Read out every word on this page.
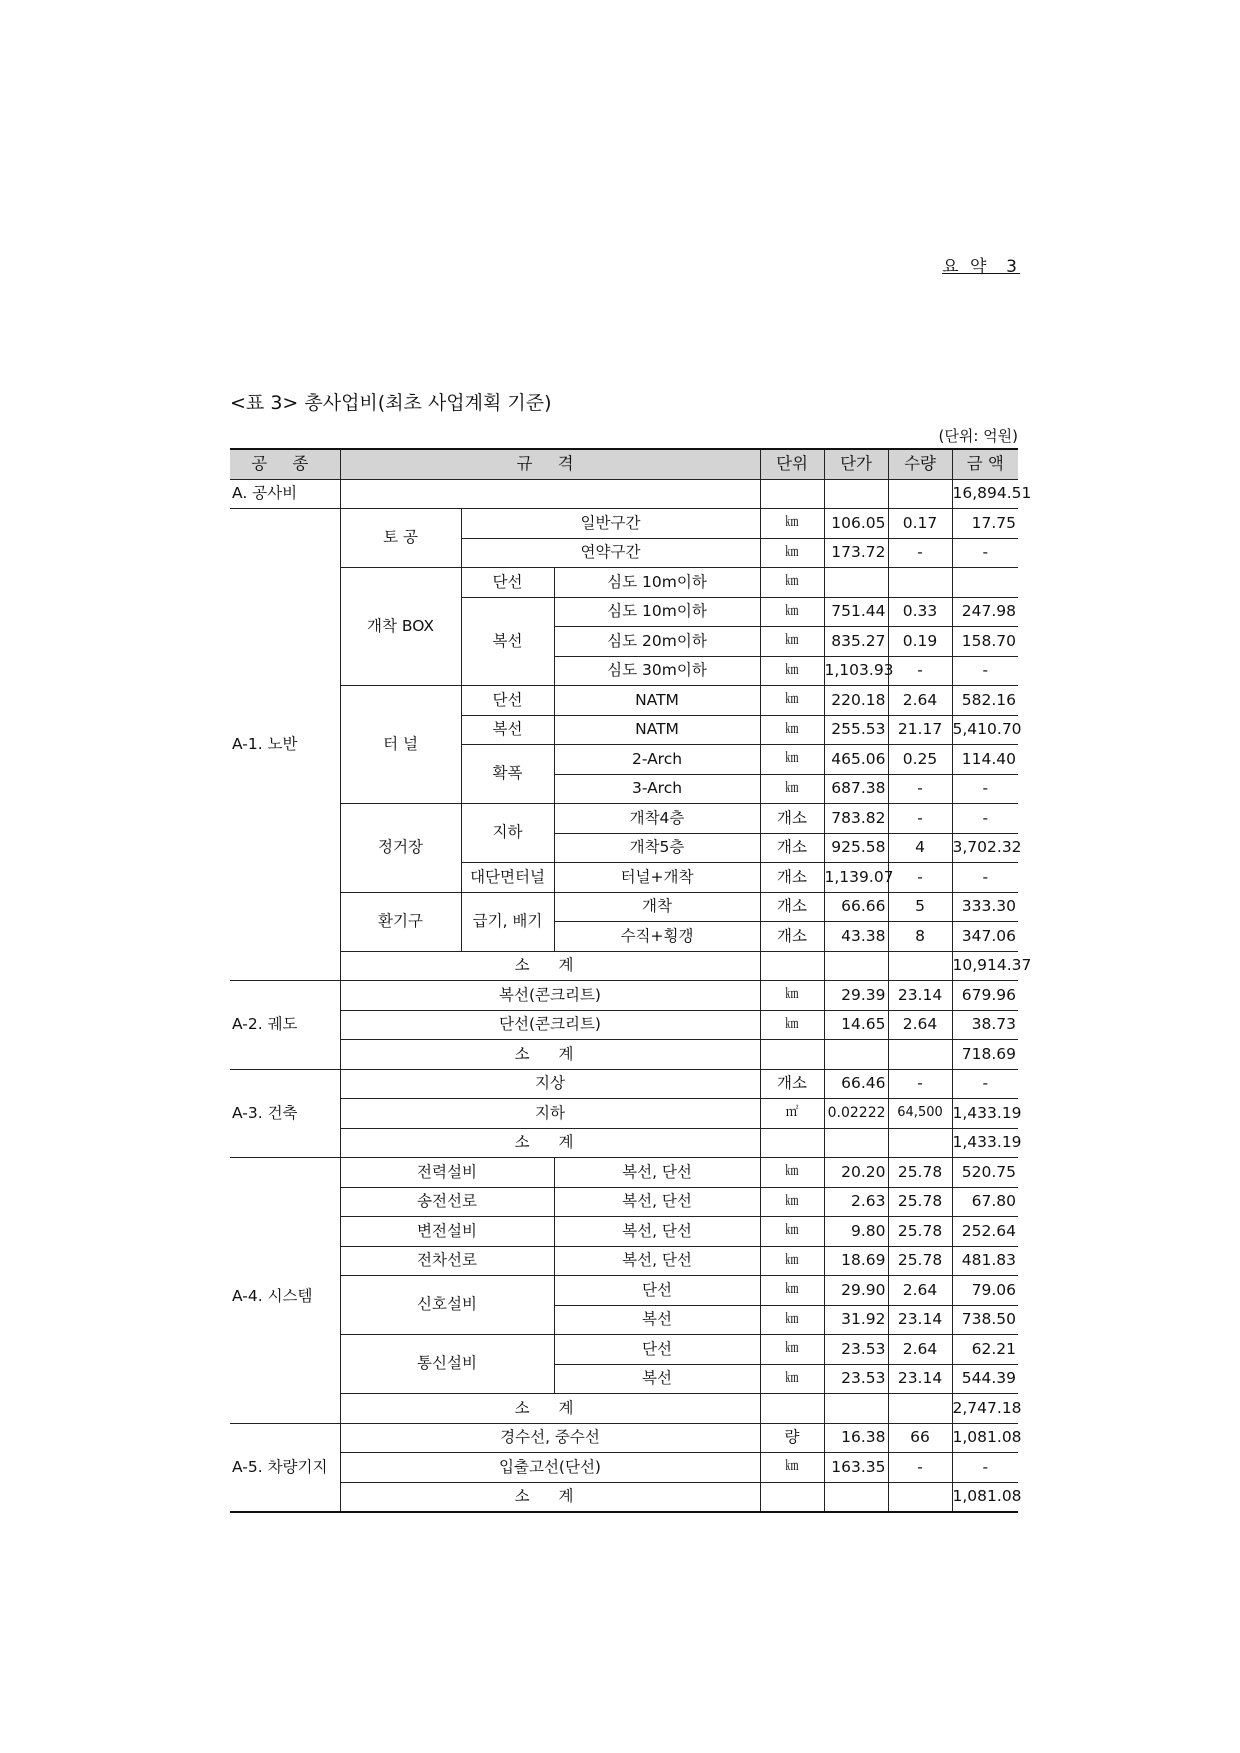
요 약  3
<표 3> 총사업비(최초 사업계획 기준)
(단위: 억원)
공 종	규 격			단위	단가	수량	금 액
A. 공사비							16,894.51
A-1. 노반	토 공	일반구간		㎞	106.05	0.17	17.75
		연약구간		㎞	173.72	-	-
	개착 BOX	단선	심도 10m이하	㎞			
		복선	심도 10m이하	㎞	751.44	0.33	247.98
			심도 20m이하	㎞	835.27	0.19	158.70
			심도 30m이하	㎞	1,103.93	-	-
	터 널	단선	NATM	㎞	220.18	2.64	582.16
		복선	NATM	㎞	255.53	21.17	5,410.70
		확폭	2-Arch	㎞	465.06	0.25	114.40
			3-Arch	㎞	687.38	-	-
	정거장	지하	개착4층	개소	783.82	-	-
			개착5층	개소	925.58	4	3,702.32
		대단면터널	터널+개착	개소	1,139.07	-	-
	환기구	급기, 배기	개착	개소	66.66	5	333.30
			수직+횡갱	개소	43.38	8	347.06
	소 계						10,914.37
A-2. 궤도	복선(콘크리트)			㎞	29.39	23.14	679.96
	단선(콘크리트)			㎞	14.65	2.64	38.73
	소 계						718.69
A-3. 건축	지상			개소	66.46	-	-
	지하			㎡	0.02222	64,500	1,433.19
	소 계						1,433.19
A-4. 시스템	전력설비		복선, 단선	㎞	20.20	25.78	520.75
	송전선로		복선, 단선	㎞	2.63	25.78	67.80
	변전설비		복선, 단선	㎞	9.80	25.78	252.64
	전차선로		복선, 단선	㎞	18.69	25.78	481.83
	신호설비		단선	㎞	29.90	2.64	79.06
			복선	㎞	31.92	23.14	738.50
	통신설비		단선	㎞	23.53	2.64	62.21
			복선	㎞	23.53	23.14	544.39
	소 계						2,747.18
A-5. 차량기지	경수선, 중수선			량	16.38	66	1,081.08
	입출고선(단선)			㎞	163.35	-	-
	소 계						1,081.08
